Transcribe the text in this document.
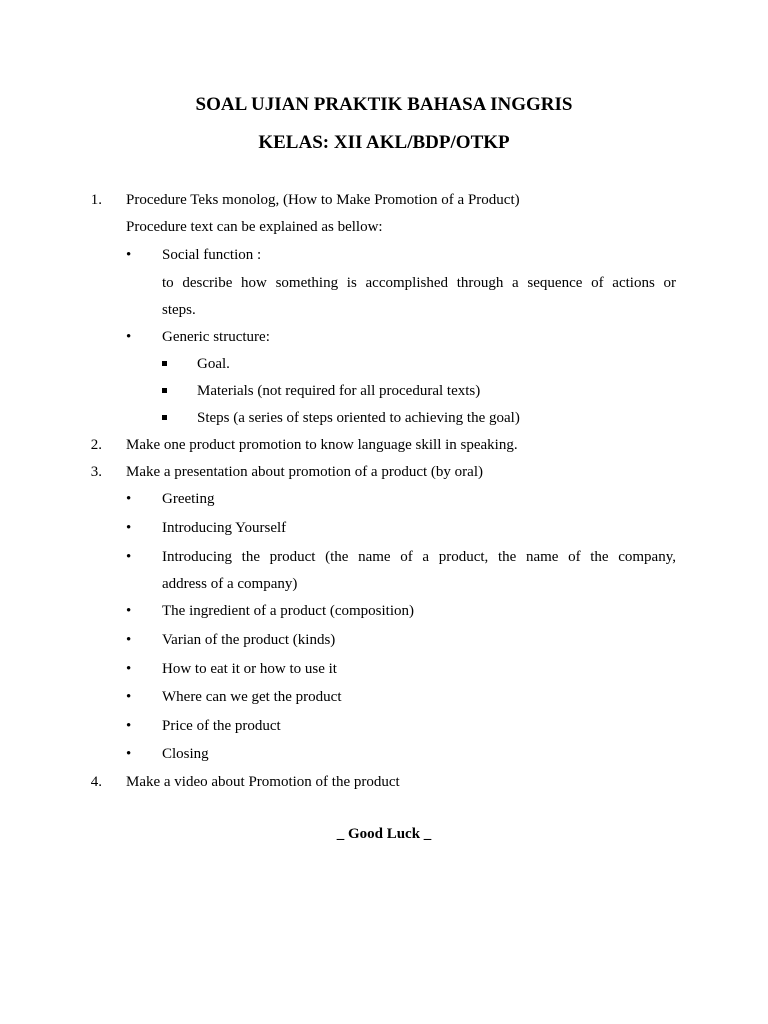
SOAL UJIAN PRAKTIK BAHASA INGGRIS
KELAS: XII AKL/BDP/OTKP
1. Procedure Teks monolog, (How to Make Promotion of a Product)
Procedure text can be explained as bellow:
• Social function :
to describe how something is accomplished through a sequence of actions or
steps.
• Generic structure:
Goal.
Materials (not required for all procedural texts)
Steps (a series of steps oriented to achieving the goal)
2. Make one product promotion to know language skill in speaking.
3. Make a presentation about promotion of a product (by oral)
• Greeting
• Introducing Yourself
• Introducing the product (the name of a product, the name of the company,
address of a company)
• The ingredient of a product (composition)
• Varian of the product (kinds)
• How to eat it or how to use it
• Where can we get the product
• Price of the product
• Closing
4. Make a video about Promotion of the product
_ Good Luck _
